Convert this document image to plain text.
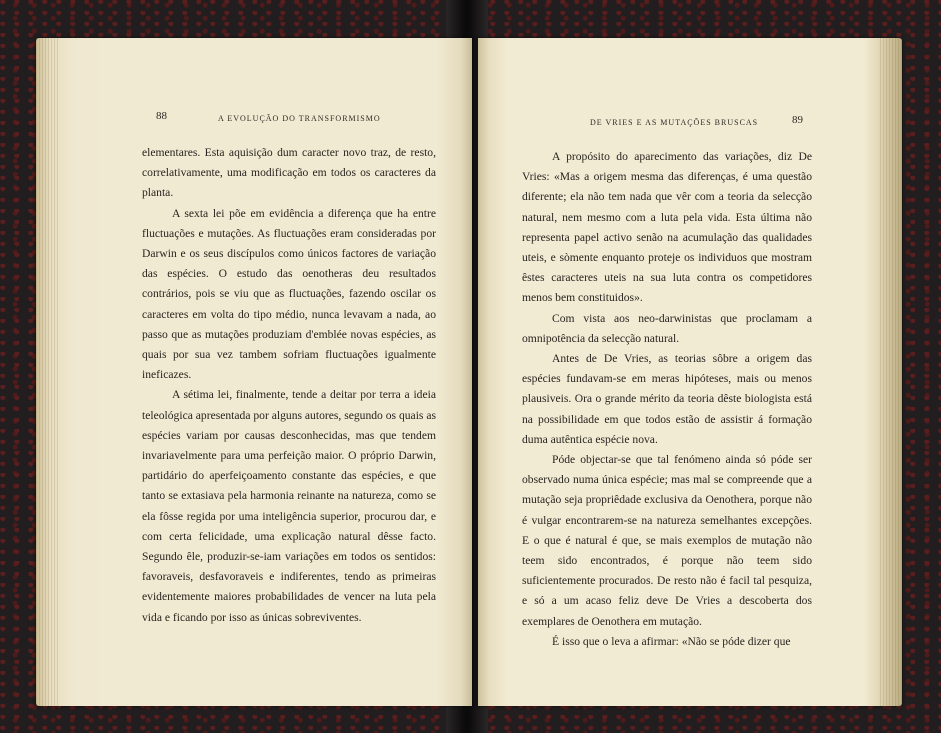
88	A EVOLUÇÃO DO TRANSFORMISMO	DE VRIES E AS MUTAÇÕES BRUSCAS	89

elementares. Esta aquisição dum caracter novo traz, de resto, correlativamente, uma modificação em todos os caracteres da planta.

A sexta lei põe em evidência a diferença que ha entre fluctuações e mutações. As fluctuações eram consideradas por Darwin e os seus discípulos como únicos factores de variação das espécies. O estudo das oenotheras deu resultados contrários, pois se viu que as fluctuações, fazendo oscilar os caracteres em volta do tipo médio, nunca levavam a nada, ao passo que as mutações produziam d'emblée novas espécies, as quais por sua vez tambem sofriam fluctuações igualmente ineficazes.

A sétima lei, finalmente, tende a deitar por terra a ideia teleológica apresentada por alguns autores, segundo os quais as espécies variam por causas desconhecidas, mas que tendem invariavelmente para uma perfeição maior. O próprio Darwin, partidário do aperfeiçoamento constante das espécies, e que tanto se extasiava pela harmonia reinante na natureza, como se ela fôsse regida por uma inteligência superior, procurou dar, e com certa felicidade, uma explicação natural dêsse facto. Segundo êle, produzir-se-iam variações em todos os sentidos: favoraveis, desfavoraveis e indiferentes, tendo as primeiras evidentemente maiores probabilidades de vencer na luta pela vida e ficando por isso as únicas sobreviventes.

A propósito do aparecimento das variações, diz De Vries: «Mas a origem mesma das diferenças, é uma questão diferente; ela não tem nada que vêr com a teoria da selecção natural, nem mesmo com a luta pela vida. Esta última não representa papel activo senão na acumulação das qualidades uteis, e sòmente enquanto proteje os individuos que mostram êstes caracteres uteis na sua luta contra os competidores menos bem constituidos».

Com vista aos neo-darwinistas que proclamam a omnipotência da selecção natural.

Antes de De Vries, as teorias sôbre a origem das espécies fundavam-se em meras hipóteses, mais ou menos plausiveis. Ora o grande mérito da teoria dêste biologista está na possibilidade em que todos estão de assistir á formação duma autêntica espécie nova.

Póde objectar-se que tal fenómeno ainda só póde ser observado numa única espécie; mas mal se compreende que a mutação seja propriêdade exclusiva da Oenothera, porque não é vulgar encontrarem-se na natureza semelhantes excepções. E o que é natural é que, se mais exemplos de mutação não teem sido encontrados, é porque não teem sido suficientemente procurados. De resto não é facil tal pesquiza, e só a um acaso feliz deve De Vries a descoberta dos exemplares de Oenothera em mutação.

É isso que o leva a afirmar: «Não se póde dizer que
